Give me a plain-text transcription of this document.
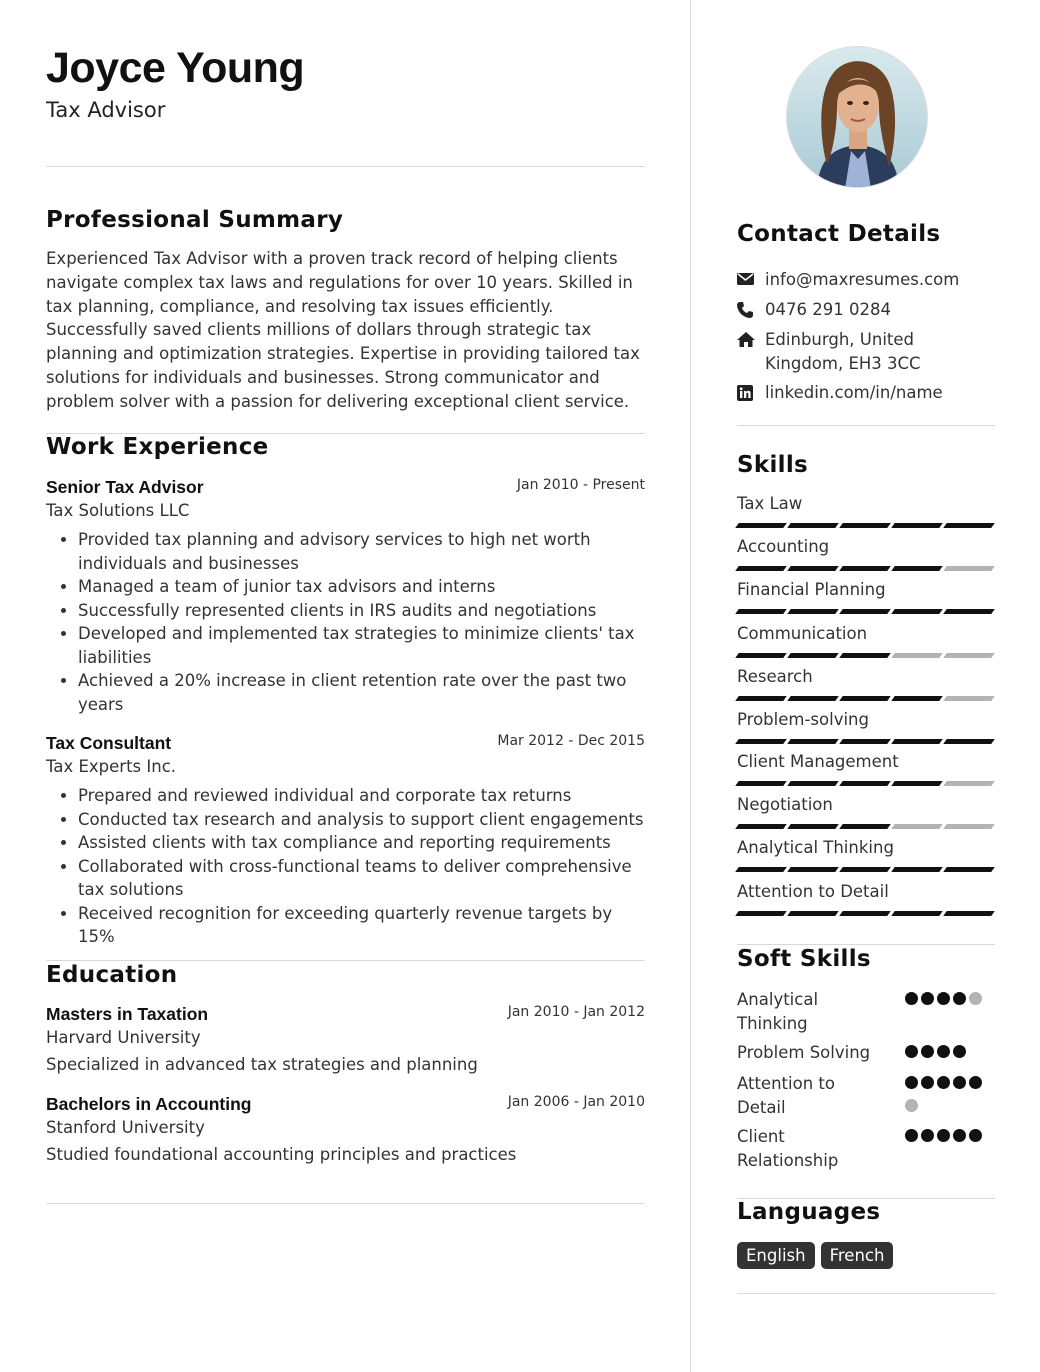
Joyce Young
Tax Advisor
Professional Summary
Experienced Tax Advisor with a proven track record of helping clients navigate complex tax laws and regulations for over 10 years. Skilled in tax planning, compliance, and resolving tax issues efficiently. Successfully saved clients millions of dollars through strategic tax planning and optimization strategies. Expertise in providing tailored tax solutions for individuals and businesses. Strong communicator and problem solver with a passion for delivering exceptional client service.
Work Experience
Senior Tax Advisor	Jan 2010 - Present
Tax Solutions LLC
• Provided tax planning and advisory services to high net worth individuals and businesses
• Managed a team of junior tax advisors and interns
• Successfully represented clients in IRS audits and negotiations
• Developed and implemented tax strategies to minimize clients' tax liabilities
• Achieved a 20% increase in client retention rate over the past two years
Tax Consultant	Mar 2012 - Dec 2015
Tax Experts Inc.
• Prepared and reviewed individual and corporate tax returns
• Conducted tax research and analysis to support client engagements
• Assisted clients with tax compliance and reporting requirements
• Collaborated with cross-functional teams to deliver comprehensive tax solutions
• Received recognition for exceeding quarterly revenue targets by 15%
Education
Masters in Taxation	Jan 2010 - Jan 2012
Harvard University
Specialized in advanced tax strategies and planning
Bachelors in Accounting	Jan 2006 - Jan 2010
Stanford University
Studied foundational accounting principles and practices
Contact Details
info@maxresumes.com
0476 291 0284
Edinburgh, United Kingdom, EH3 3CC
linkedin.com/in/name
Skills
Tax Law
Accounting
Financial Planning
Communication
Research
Problem-solving
Client Management
Negotiation
Analytical Thinking
Attention to Detail
Soft Skills
Analytical Thinking
Problem Solving
Attention to Detail
Client Relationship
Languages
English	French
